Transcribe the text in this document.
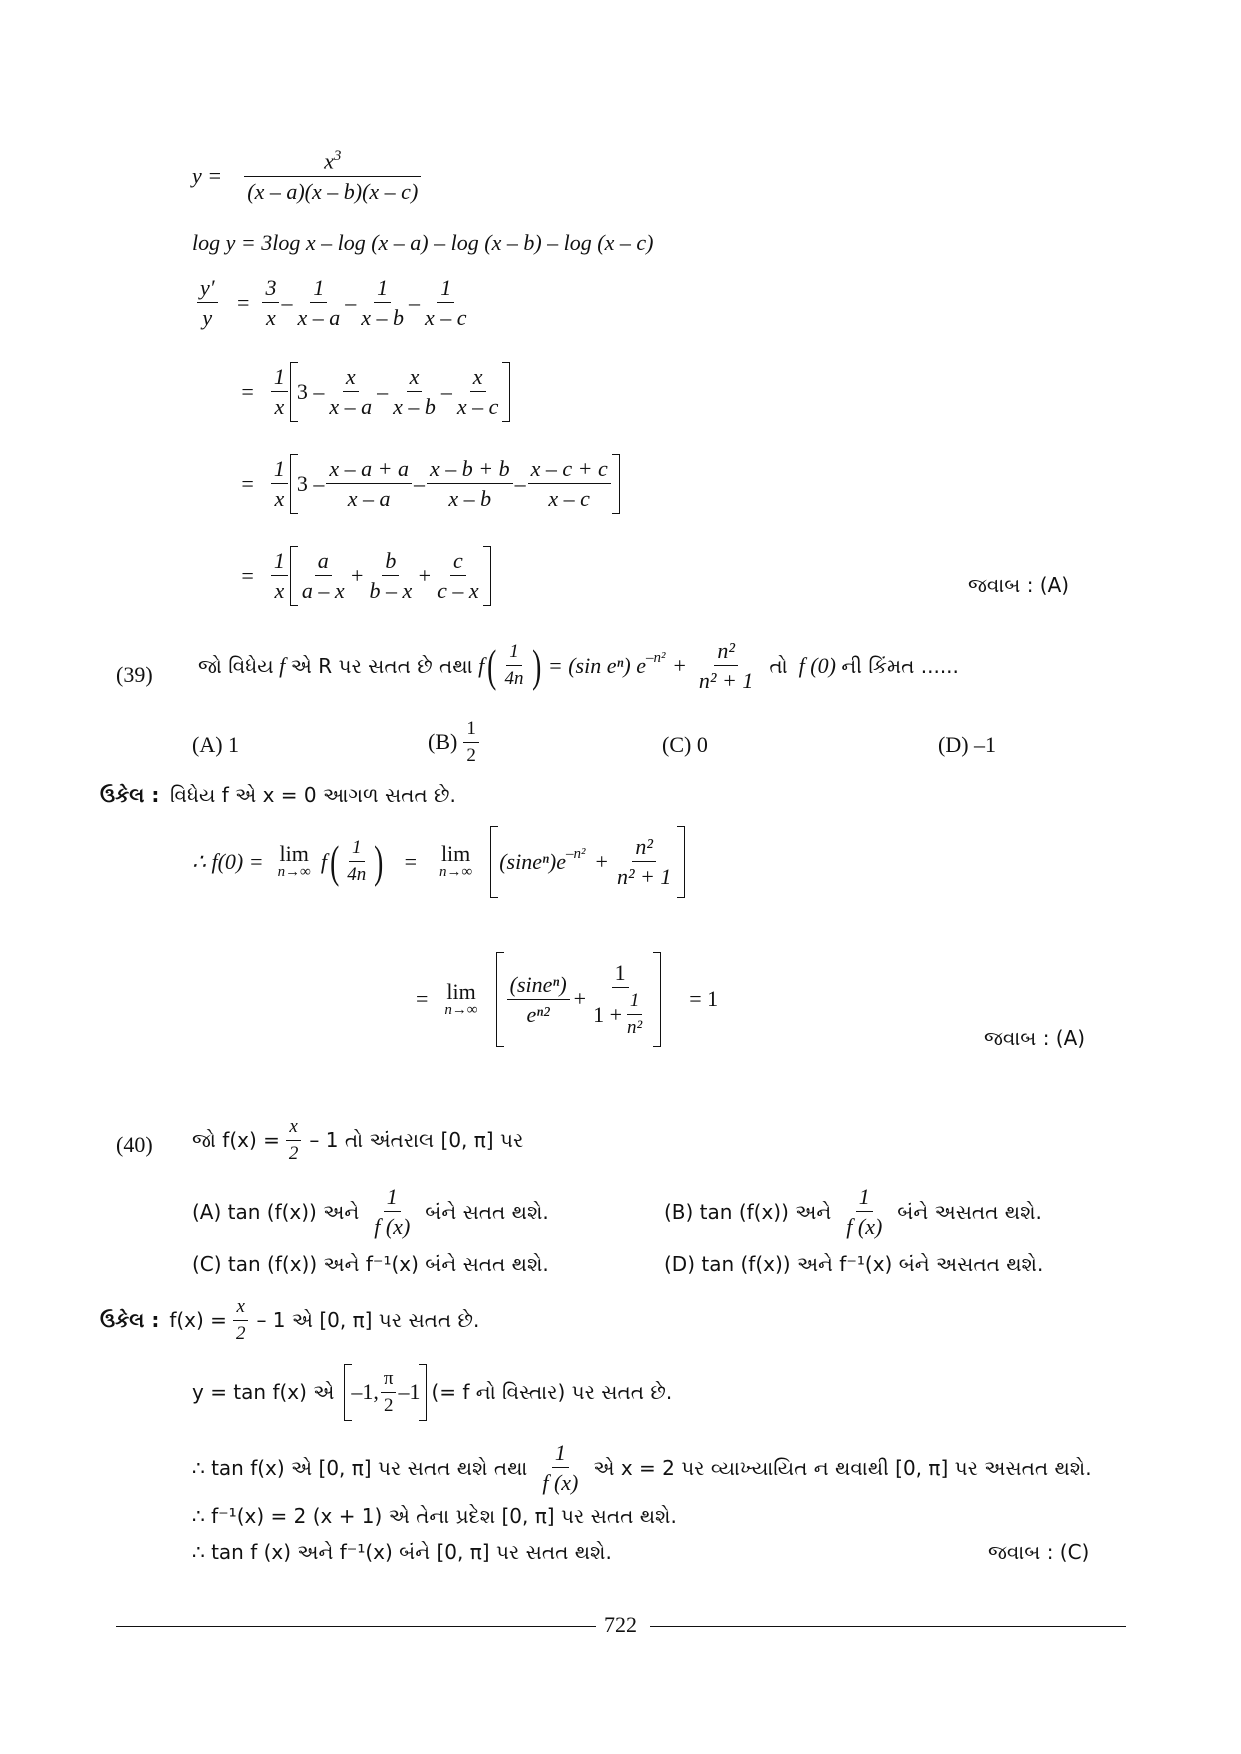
$y = \frac{x^3}{(x - a)(x - b)(x - c)}$
log y = 3log x – log (x – a) – log (x – b) – log (x – c)
$\frac{y'}{y} = \frac{3}{x} - \frac{1}{x - a} - \frac{1}{x - b} - \frac{1}{x - c}$
= $\frac{1}{x} 3 - \frac{x}{x - a} - \frac{x}{x - b} - \frac{x}{x - c}$
= $\frac{1}{x} 3 - \frac{x - a + a}{x - a} - \frac{x - b + b}{x - b} - \frac{x - c + c}{x - c}$
= $\frac{1}{x} \frac{a}{a - x} + \frac{b}{b - x} + \frac{c}{c - x}$	જવાબ : (A)
(39) જો વિધેય
f
એ R પર સતત છે તથા
f ( $\frac{1}{4n}$ ) = (sin eⁿ) $e^{-n^2} + \frac{\text{n²}}{\text{n² + 1}}$
તો
f (0)
ની કિંમત ......
(A) 1	$(B) \frac{1}{2}$	(C) 0	(D) –1
ઉકેલ : વિધેય f એ x = 0 આગળ સતત છે.
∴ f(0) = lim
n→∞ f ( $\frac{1}{4n}$ ) = lim
n→∞ $(\sin e^n)e^{-n^2} + \frac{\text{n²}}{\text{n² + 1}}$
= lim
$n\to\infty \frac{\text{(sineⁿ)}}{\text{eⁿ²}} + \frac{1}{1 + \frac{1}{\text{n²}}} = 1$
જવાબ : (A)
(40) જો $f(x) = \frac{x}{2} - 1$ તો અંતરાલ [0, π] પર
(A) tan (f(x)) અને $\frac{1}{f (x)}$ બંને સતત થશે.	(B) tan (f(x)) અને $\frac{1}{f (x)}$ બંને અસતત થશે.
(C) tan (f(x)) અને f⁻¹(x) બંને સતત થશે.	(D) tan (f(x)) અને f⁻¹(x) બંને અસતત થશે.
ઉકેલ : $f(x) = \frac{x}{2} - 1$ એ [0, π] પર સતત છે.
y = tan f(x) એ –1, $\frac{\pi}{2} -1$ (= f નો વિસ્તાર) પર સતત છે.
∴ tan f(x) એ [0, π] પર સતત થશે તથા $\frac{1}{f (x)}$ એ x = 2 પર વ્યાખ્યાયિત ન થવાથી [0, π] પર અસતત થશે.
∴ f⁻¹(x) = 2 (x + 1) એ તેના પ્રદેશ [0, π] પર સતત થશે.
∴ tan f (x) અને f⁻¹(x) બંને [0, π] પર સતત થશે.	જવાબ : (C)
722
